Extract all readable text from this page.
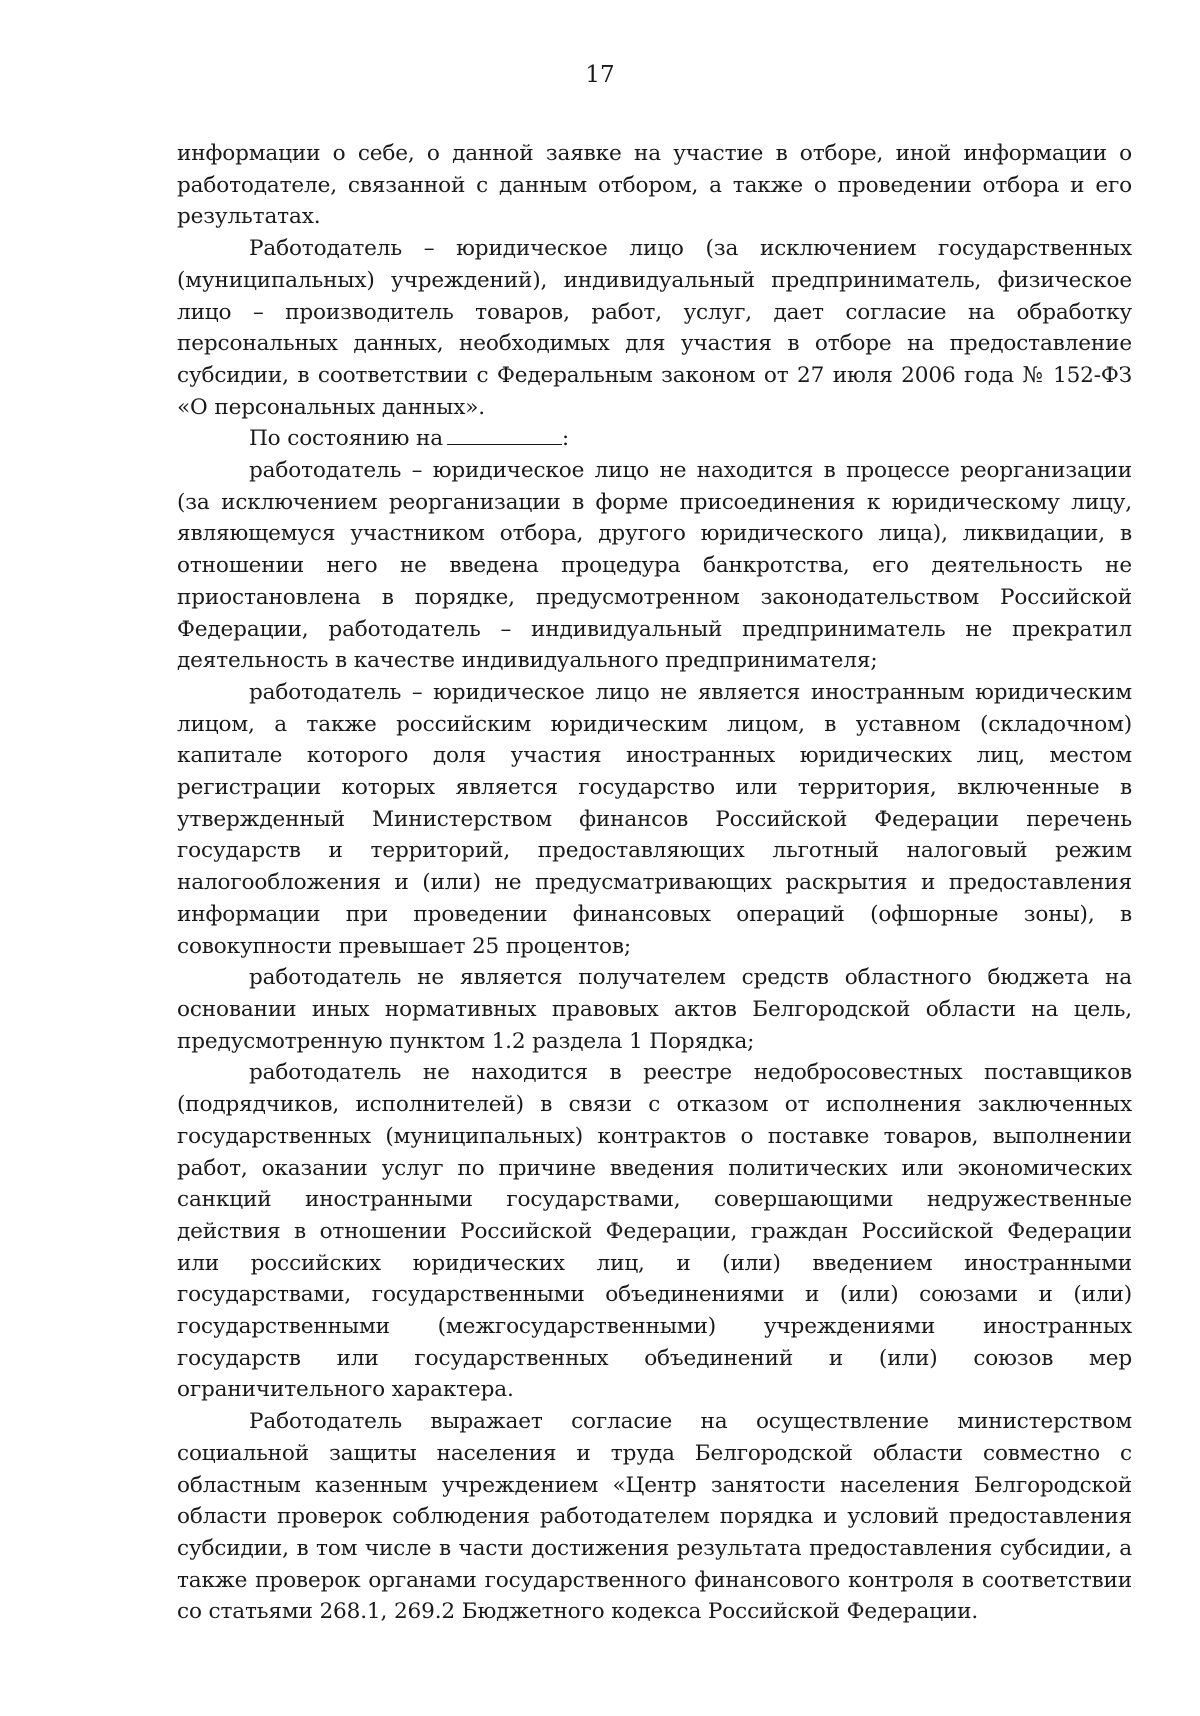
17

информации о себе, о данной заявке на участие в отборе, иной информации о работодателе, связанной с данным отбором, а также о проведении отбора и его результатах.

Работодатель – юридическое лицо (за исключением государственных (муниципальных) учреждений), индивидуальный предприниматель, физическое лицо – производитель товаров, работ, услуг, дает согласие на обработку персональных данных, необходимых для участия в отборе на предоставление субсидии, в соответствии с Федеральным законом от 27 июля 2006 года № 152-ФЗ «О персональных данных».

По состоянию на	:

работодатель – юридическое лицо не находится в процессе реорганизации (за исключением реорганизации в форме присоединения к юридическому лицу, являющемуся участником отбора, другого юридического лица), ликвидации, в отношении него не введена процедура банкротства, его деятельность не приостановлена в порядке, предусмотренном законодательством Российской Федерации, работодатель – индивидуальный предприниматель не прекратил деятельность в качестве индивидуального предпринимателя;

работодатель – юридическое лицо не является иностранным юридическим лицом, а также российским юридическим лицом, в уставном (складочном) капитале которого доля участия иностранных юридических лиц, местом регистрации которых является государство или территория, включенные в утвержденный Министерством финансов Российской Федерации перечень государств и территорий, предоставляющих льготный налоговый режим налогообложения и (или) не предусматривающих раскрытия и предоставления информации при проведении финансовых операций (офшорные зоны), в совокупности превышает 25 процентов;

работодатель не является получателем средств областного бюджета на основании иных нормативных правовых актов Белгородской области на цель, предусмотренную пунктом 1.2 раздела 1 Порядка;

работодатель не находится в реестре недобросовестных поставщиков (подрядчиков, исполнителей) в связи с отказом от исполнения заключенных государственных (муниципальных) контрактов о поставке товаров, выполнении работ, оказании услуг по причине введения политических или экономических санкций иностранными государствами, совершающими недружественные действия в отношении Российской Федерации, граждан Российской Федерации или российских юридических лиц, и (или) введением иностранными государствами, государственными объединениями и (или) союзами и (или) государственными (межгосударственными) учреждениями иностранных государств или государственных объединений и (или) союзов мер ограничительного характера.

Работодатель выражает согласие на осуществление министерством социальной защиты населения и труда Белгородской области совместно с областным казенным учреждением «Центр занятости населения Белгородской области проверок соблюдения работодателем порядка и условий предоставления субсидии, в том числе в части достижения результата предоставления субсидии, а также проверок органами государственного финансового контроля в соответствии со статьями 268.1, 269.2 Бюджетного кодекса Российской Федерации.
